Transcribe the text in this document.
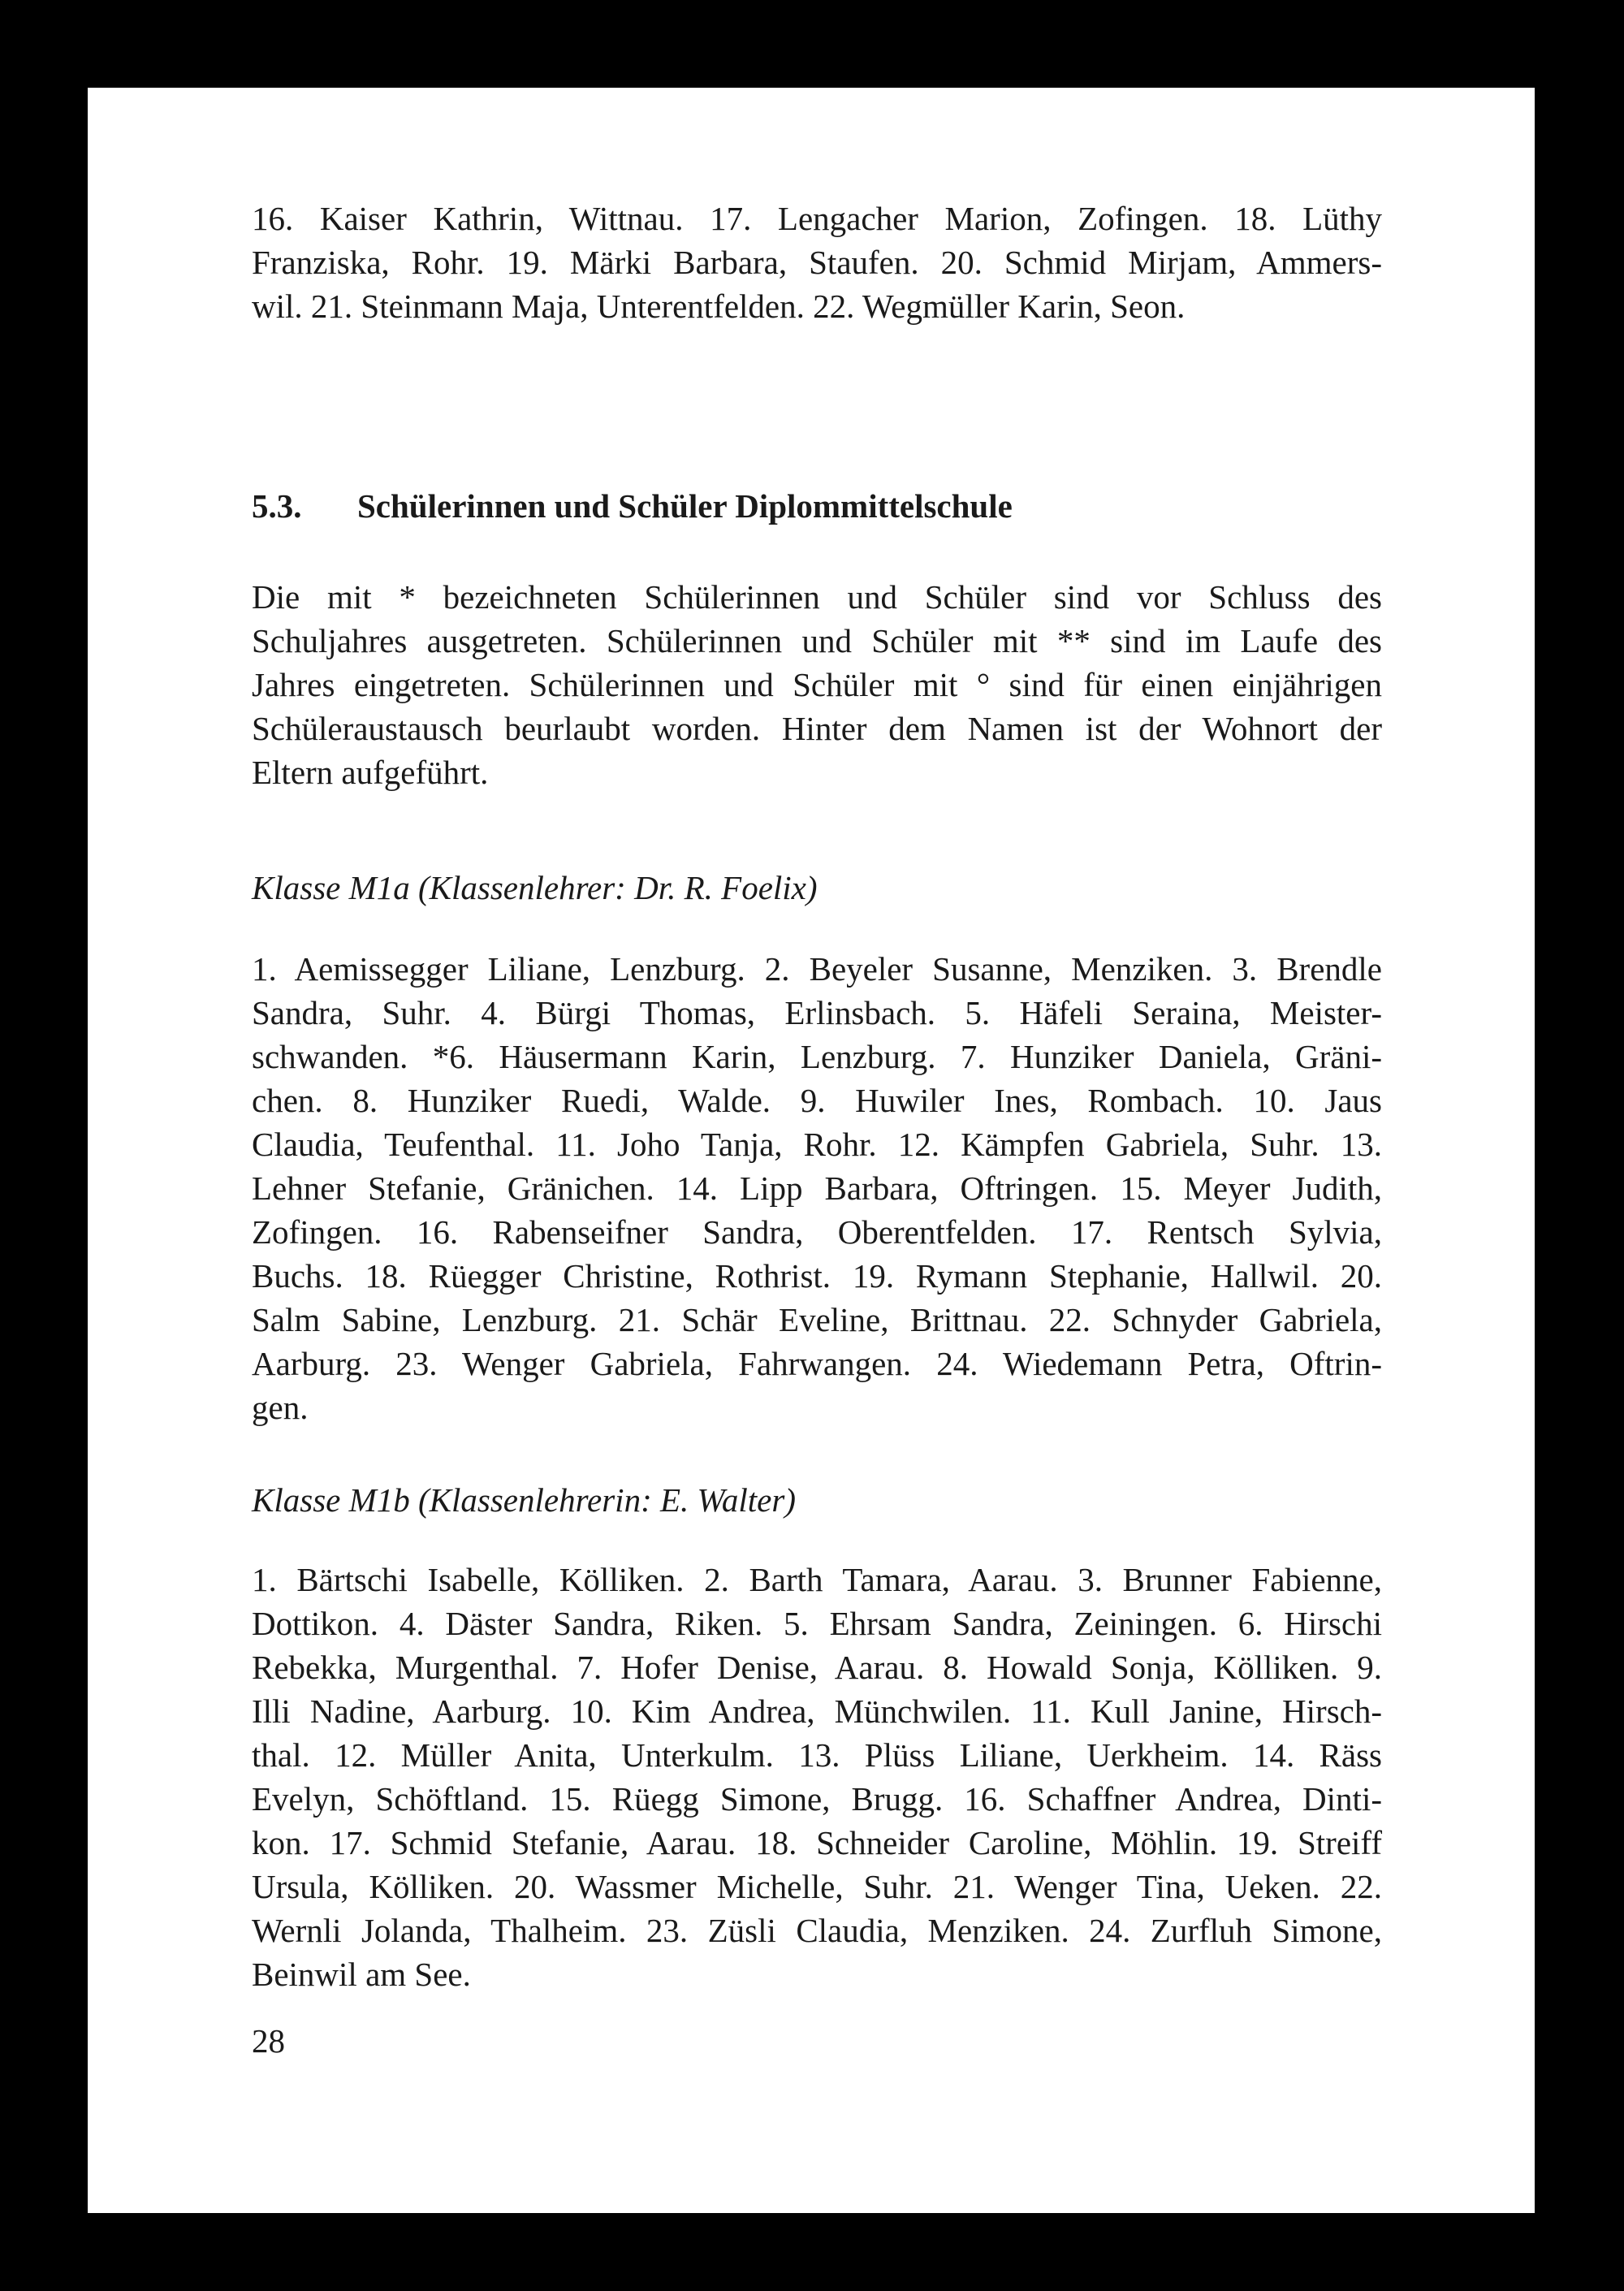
16. Kaiser Kathrin, Wittnau. 17. Lengacher Marion, Zofingen. 18. Lüthy
Franziska, Rohr. 19. Märki Barbara, Staufen. 20. Schmid Mirjam, Ammers-
wil. 21. Steinmann Maja, Unterentfelden. 22. Wegmüller Karin, Seon.
5.3.	Schülerinnen und Schüler Diplommittelschule
Die mit * bezeichneten Schülerinnen und Schüler sind vor Schluss des
Schuljahres ausgetreten. Schülerinnen und Schüler mit ** sind im Laufe des
Jahres eingetreten. Schülerinnen und Schüler mit ° sind für einen einjährigen
Schüleraustausch beurlaubt worden. Hinter dem Namen ist der Wohnort der
Eltern aufgeführt.
Klasse M1a (Klassenlehrer: Dr. R. Foelix)
1. Aemissegger Liliane, Lenzburg. 2. Beyeler Susanne, Menziken. 3. Brendle
Sandra, Suhr. 4. Bürgi Thomas, Erlinsbach. 5. Häfeli Seraina, Meister-
schwanden. *6. Häusermann Karin, Lenzburg. 7. Hunziker Daniela, Gräni-
chen. 8. Hunziker Ruedi, Walde. 9. Huwiler Ines, Rombach. 10. Jaus
Claudia, Teufenthal. 11. Joho Tanja, Rohr. 12. Kämpfen Gabriela, Suhr. 13.
Lehner Stefanie, Gränichen. 14. Lipp Barbara, Oftringen. 15. Meyer Judith,
Zofingen. 16. Rabenseifner Sandra, Oberentfelden. 17. Rentsch Sylvia,
Buchs. 18. Rüegger Christine, Rothrist. 19. Rymann Stephanie, Hallwil. 20.
Salm Sabine, Lenzburg. 21. Schär Eveline, Brittnau. 22. Schnyder Gabriela,
Aarburg. 23. Wenger Gabriela, Fahrwangen. 24. Wiedemann Petra, Oftrin-
gen.
Klasse M1b (Klassenlehrerin: E. Walter)
1. Bärtschi Isabelle, Kölliken. 2. Barth Tamara, Aarau. 3. Brunner Fabienne,
Dottikon. 4. Däster Sandra, Riken. 5. Ehrsam Sandra, Zeiningen. 6. Hirschi
Rebekka, Murgenthal. 7. Hofer Denise, Aarau. 8. Howald Sonja, Kölliken. 9.
Illi Nadine, Aarburg. 10. Kim Andrea, Münchwilen. 11. Kull Janine, Hirsch-
thal. 12. Müller Anita, Unterkulm. 13. Plüss Liliane, Uerkheim. 14. Räss
Evelyn, Schöftland. 15. Rüegg Simone, Brugg. 16. Schaffner Andrea, Dinti-
kon. 17. Schmid Stefanie, Aarau. 18. Schneider Caroline, Möhlin. 19. Streiff
Ursula, Kölliken. 20. Wassmer Michelle, Suhr. 21. Wenger Tina, Ueken. 22.
Wernli Jolanda, Thalheim. 23. Züsli Claudia, Menziken. 24. Zurfluh Simone,
Beinwil am See.
28
